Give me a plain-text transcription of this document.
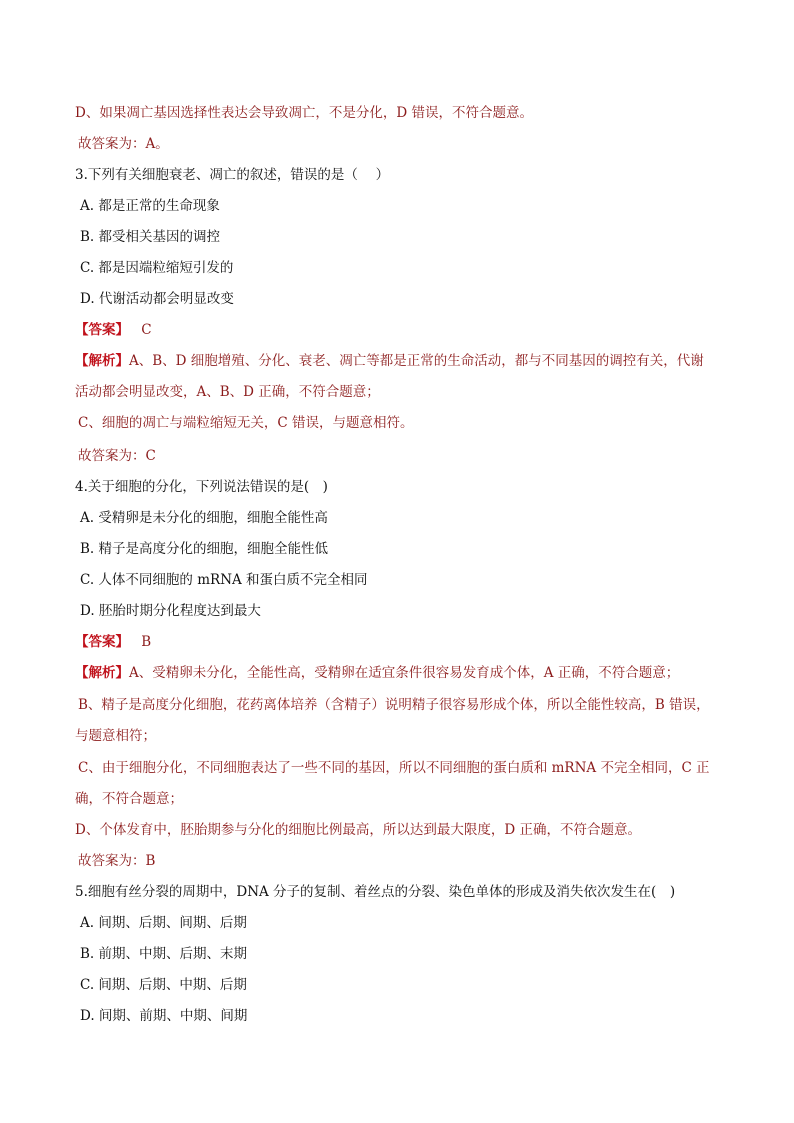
D、如果凋亡基因选择性表达会导致凋亡，不是分化，D 错误，不符合题意。
故答案为：A。
3.下列有关细胞衰老、凋亡的叙述，错误的是（　 ）
A. 都是正常的生命现象
B. 都受相关基因的调控
C. 都是因端粒缩短引发的
D. 代谢活动都会明显改变
【答案】 C
【解析】A、B、D 细胞增殖、分化、衰老、凋亡等都是正常的生命活动，都与不同基因的调控有关，代谢
活动都会明显改变，A、B、D 正确，不符合题意；
C、细胞的凋亡与端粒缩短无关，C 错误，与题意相符。
故答案为：C
4.关于细胞的分化，下列说法错误的是(　)
A. 受精卵是未分化的细胞，细胞全能性高
B. 精子是高度分化的细胞，细胞全能性低
C. 人体不同细胞的 mRNA 和蛋白质不完全相同
D. 胚胎时期分化程度达到最大
【答案】 B
【解析】A、受精卵未分化，全能性高，受精卵在适宜条件很容易发育成个体，A 正确，不符合题意；
B、精子是高度分化细胞，花药离体培养（含精子）说明精子很容易形成个体，所以全能性较高，B 错误，
与题意相符；
C、由于细胞分化，不同细胞表达了一些不同的基因，所以不同细胞的蛋白质和 mRNA 不完全相同，C 正
确，不符合题意；
D、个体发育中，胚胎期参与分化的细胞比例最高，所以达到最大限度，D 正确，不符合题意。
故答案为：B
5.细胞有丝分裂的周期中，DNA 分子的复制、着丝点的分裂、染色单体的形成及消失依次发生在(　)
A. 间期、后期、间期、后期
B. 前期、中期、后期、末期
C. 间期、后期、中期、后期
D. 间期、前期、中期、间期
